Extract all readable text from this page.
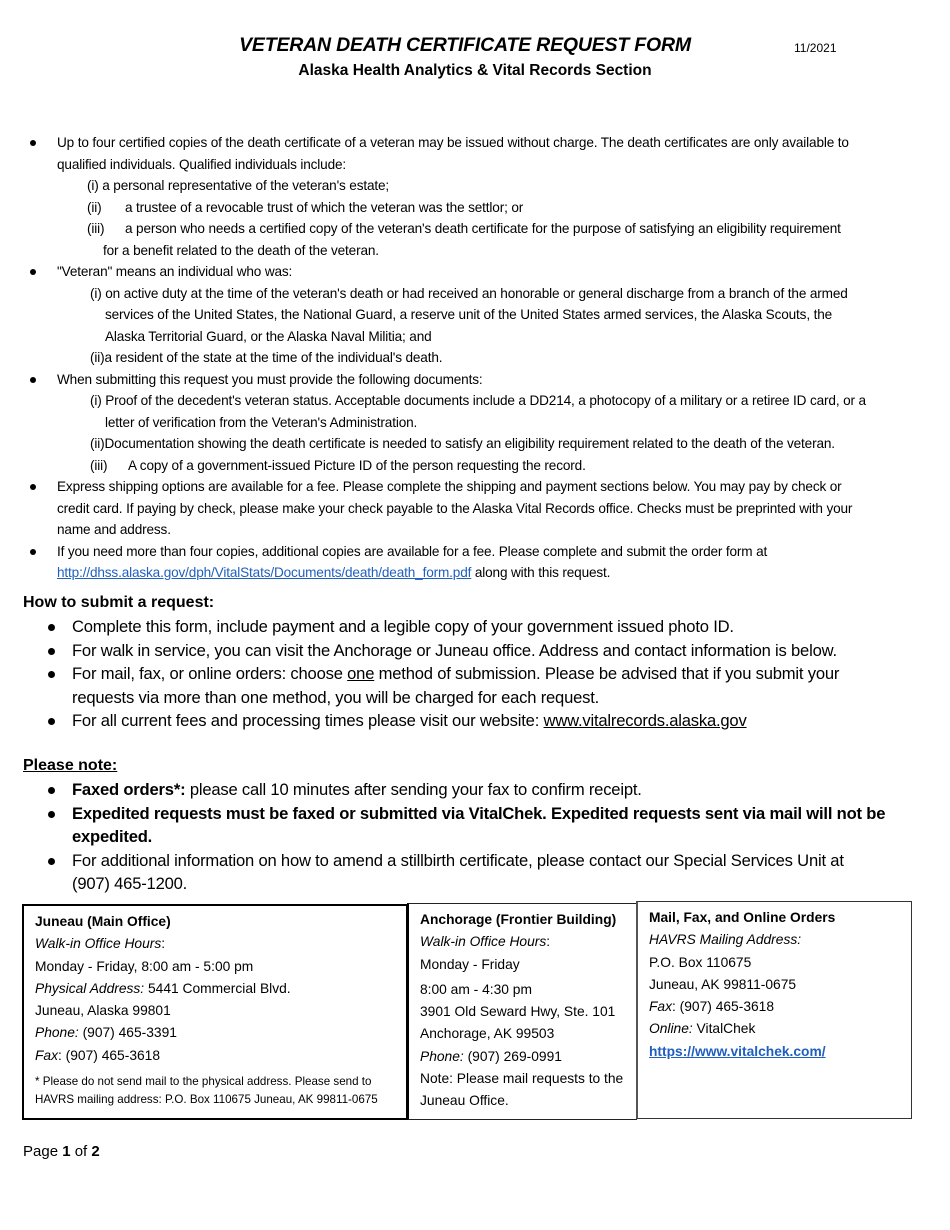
VETERAN DEATH CERTIFICATE REQUEST FORM	11/2021
Alaska Health Analytics & Vital Records Section
Up to four certified copies of the death certificate of a veteran may be issued without charge. The death certificates are only available to
qualified individuals. Qualified individuals include:
(i) a personal representative of the veteran's estate;
(ii) a trustee of a revocable trust of which the veteran was the settlor; or
(iii) a person who needs a certified copy of the veteran's death certificate for the purpose of satisfying an eligibility requirement
for a benefit related to the death of the veteran.
"Veteran" means an individual who was:
(i) on active duty at the time of the veteran's death or had received an honorable or general discharge from a branch of the armed
services of the United States, the National Guard, a reserve unit of the United States armed services, the Alaska Scouts, the
Alaska Territorial Guard, or the Alaska Naval Militia; and
(ii)a resident of the state at the time of the individual's death.
When submitting this request you must provide the following documents:
(i) Proof of the decedent's veteran status. Acceptable documents include a DD214, a photocopy of a military or a retiree ID card, or a
letter of verification from the Veteran's Administration.
(ii)Documentation showing the death certificate is needed to satisfy an eligibility requirement related to the death of the veteran.
(iii) A copy of a government-issued Picture ID of the person requesting the record.
Express shipping options are available for a fee. Please complete the shipping and payment sections below. You may pay by check or
credit card. If paying by check, please make your check payable to the Alaska Vital Records office. Checks must be preprinted with your
name and address.
If you need more than four copies, additional copies are available for a fee. Please complete and submit the order form at
http://dhss.alaska.gov/dph/VitalStats/Documents/death/death_form.pdf along with this request.
How to submit a request:
Complete this form, include payment and a legible copy of your government issued photo ID.
For walk in service, you can visit the Anchorage or Juneau office. Address and contact information is below.
For mail, fax, or online orders: choose one method of submission. Please be advised that if you submit your
requests via more than one method, you will be charged for each request.
For all current fees and processing times please visit our website: www.vitalrecords.alaska.gov
Please note:
Faxed orders*: please call 10 minutes after sending your fax to confirm receipt.
Expedited requests must be faxed or submitted via VitalChek. Expedited requests sent via mail will not be
expedited.
For additional information on how to amend a stillbirth certificate, please contact our Special Services Unit at
(907) 465-1200.
Juneau (Main Office)
Walk-in Office Hours:
Monday - Friday, 8:00 am - 5:00 pm
Physical Address: 5441 Commercial Blvd.
Juneau, Alaska 99801
Phone: (907) 465-3391
Fax: (907) 465-3618
* Please do not send mail to the physical address. Please send to HAVRS mailing address: P.O. Box 110675 Juneau, AK 99811-0675
Anchorage (Frontier Building)
Walk-in Office Hours:
Monday - Friday
8:00 am - 4:30 pm
3901 Old Seward Hwy, Ste. 101
Anchorage, AK 99503
Phone: (907) 269-0991
Note: Please mail requests to the Juneau Office.
Mail, Fax, and Online Orders
HAVRS Mailing Address:
P.O. Box 110675
Juneau, AK 99811-0675
Fax: (907) 465-3618
Online: VitalChek
https://www.vitalchek.com/
Page 1 of 2
